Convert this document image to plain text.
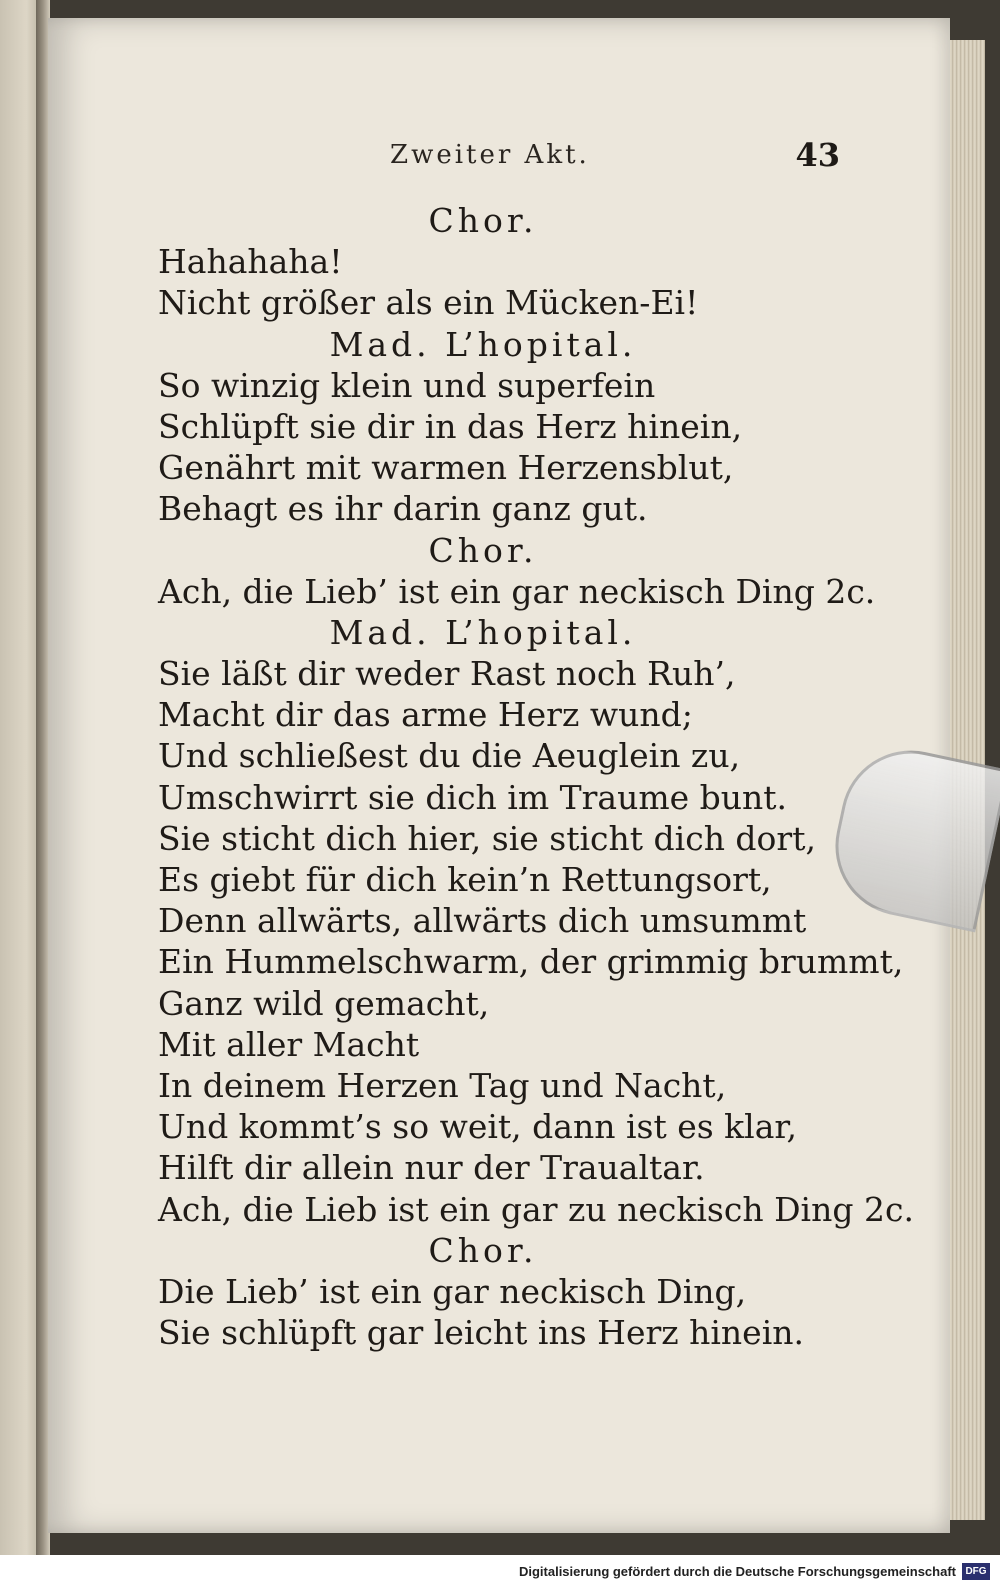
Zweiter Akt.	43
Chor.
Hahahaha!
Nicht größer als ein Mücken-Ei!
Mad. L’hopital.
So winzig klein und superfein
Schlüpft sie dir in das Herz hinein,
Genährt mit warmen Herzensblut,
Behagt es ihr darin ganz gut.
Chor.
Ach, die Lieb’ ist ein gar neckisch Ding 2c.
Mad. L’hopital.
Sie läßt dir weder Rast noch Ruh’,
Macht dir das arme Herz wund;
Und schließest du die Aeuglein zu,
Umschwirrt sie dich im Traume bunt.
Sie sticht dich hier, sie sticht dich dort,
Es giebt für dich kein’n Rettungsort,
Denn allwärts, allwärts dich umsummt
Ein Hummelschwarm, der grimmig brummt,
Ganz wild gemacht,
Mit aller Macht
In deinem Herzen Tag und Nacht,
Und kommt’s so weit, dann ist es klar,
Hilft dir allein nur der Traualtar.
Ach, die Lieb ist ein gar zu neckisch Ding 2c.
Chor.
Die Lieb’ ist ein gar neckisch Ding,
Sie schlüpft gar leicht ins Herz hinein.
Digitalisierung gefördert durch die Deutsche Forschungsgemeinschaft DFG
